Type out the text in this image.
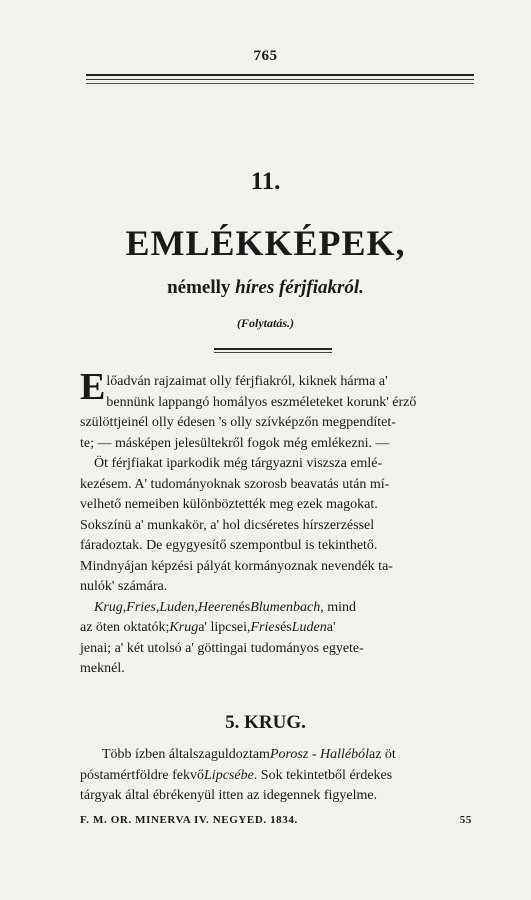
765
11.
EMLÉKKÉPEK,
némelly híres férjfiakról.
(Folytatás.)
E lőadván rajzaimat olly férjfiakról, kiknek hárma a'
bennünk lappangó homályos eszméleteket korunk' érző
szülöttjeinél olly édesen 's olly szívképzőn megpendítet-
te; — másképen jelesültekről fogok még emlékezni. —
Öt férjfiakat iparkodik még tárgyazni viszsza emlé-
kezésem. A' tudományoknak szorosb beavatás után mí-
velhető nemeiben különböztették meg ezek magokat.
Sokszínü a' munkakör, a' hol dicséretes hírszerzéssel
fáradoztak. De egygyesítő szempontbul is tekinthető.
Mindnyájan képzési pályát kormányoznak nevendék ta-
nulók' számára.
Krug , Fries , Luden , Heeren és Blumenbach , mind
az öten oktatók; Krug a' lipcsei, Fries és Luden a'
jenai; a' két utolsó a' göttingai tudományos egyete-
meknél.
5. KRUG.
Több ízben általszaguldoztam Porosz - Halléból az öt
póstamértföldre fekvő Lipcsébe . Sok tekintetből érdekes
tárgyak által ébrékenyül itten az idegennek figyelme.
F. M. OR. MINERVA IV. NEGYED. 1834.	55
